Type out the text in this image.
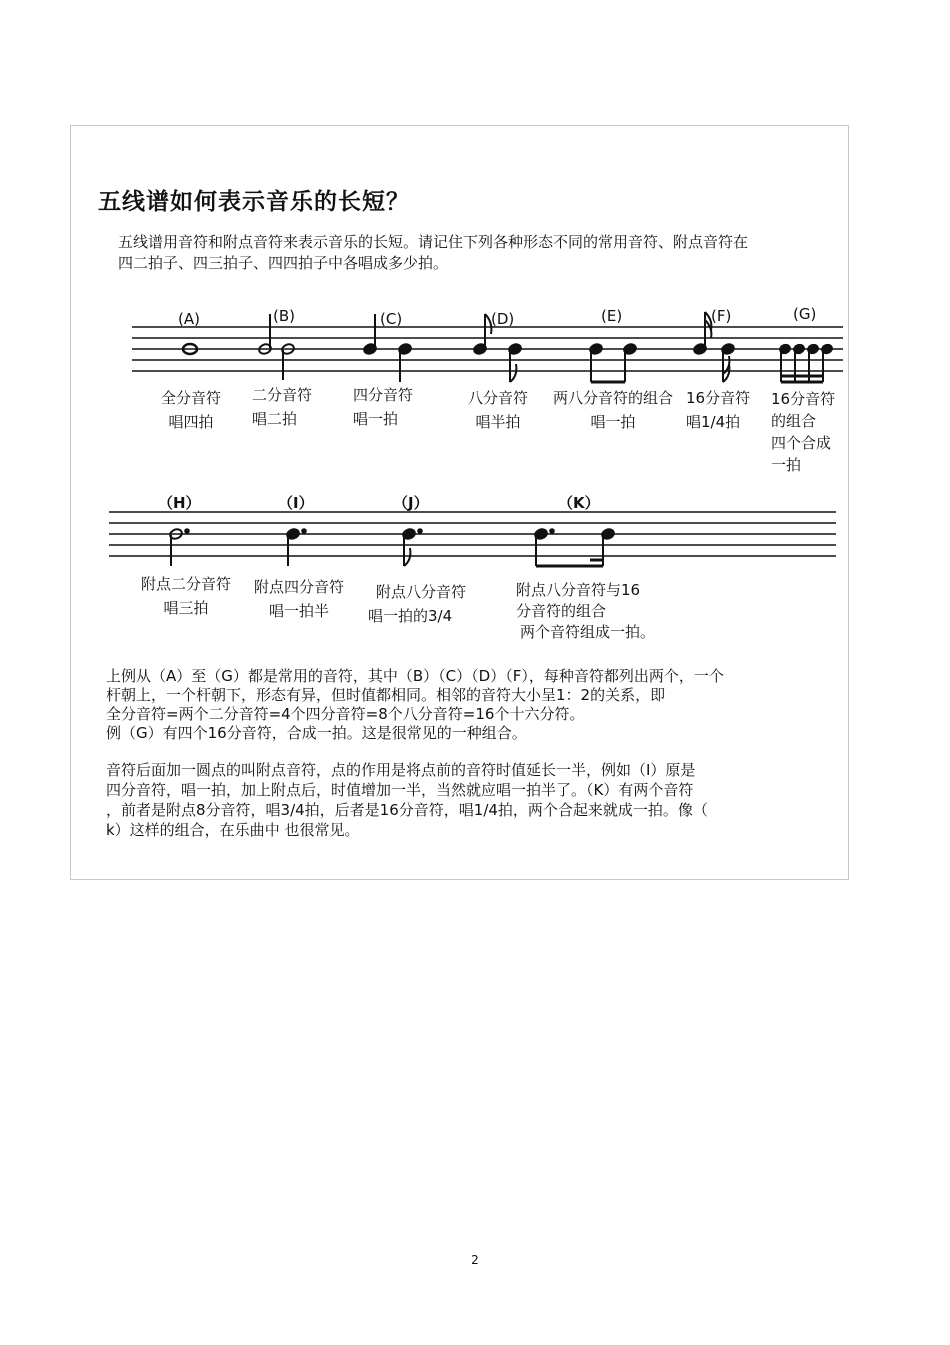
五线谱如何表示音乐的长短？
五线谱用音符和附点音符来表示音乐的长短。请记住下列各种形态不同的常用音符、附点音符在
四二拍子、四三拍子、四四拍子中各唱成多少拍。
(A)	(B)	(C)	(D)	(E)	(F)	(G)
全分音符
唱四拍
二分音符
唱二拍
四分音符
唱一拍
八分音符
唱半拍
两八分音符的组合
唱一拍
16分音符
唱1/4拍
16分音符
的组合
四个合成
一拍
（H）	（I）	（J）	（K）
附点二分音符
唱三拍
附点四分音符
唱一拍半
附点八分音符
唱一拍的3/4
附点八分音符与16
分音符的组合
两个音符组成一拍。
上例从（A）至（G）都是常用的音符，其中（B）（C）（D）（F），每种音符都列出两个，一个
杆朝上，一个杆朝下，形态有异，但时值都相同。相邻的音符大小呈1：2的关系，即
全分音符=两个二分音符=4个四分音符=8个八分音符=16个十六分符。
例（G）有四个16分音符，合成一拍。这是很常见的一种组合。
音符后面加一圆点的叫附点音符，点的作用是将点前的音符时值延长一半，例如（I）原是
四分音符，唱一拍，加上附点后，时值增加一半，当然就应唱一拍半了。（K）有两个音符
，前者是附点8分音符，唱3/4拍，后者是16分音符，唱1/4拍，两个合起来就成一拍。像（
k）这样的组合，在乐曲中 也很常见。
2
